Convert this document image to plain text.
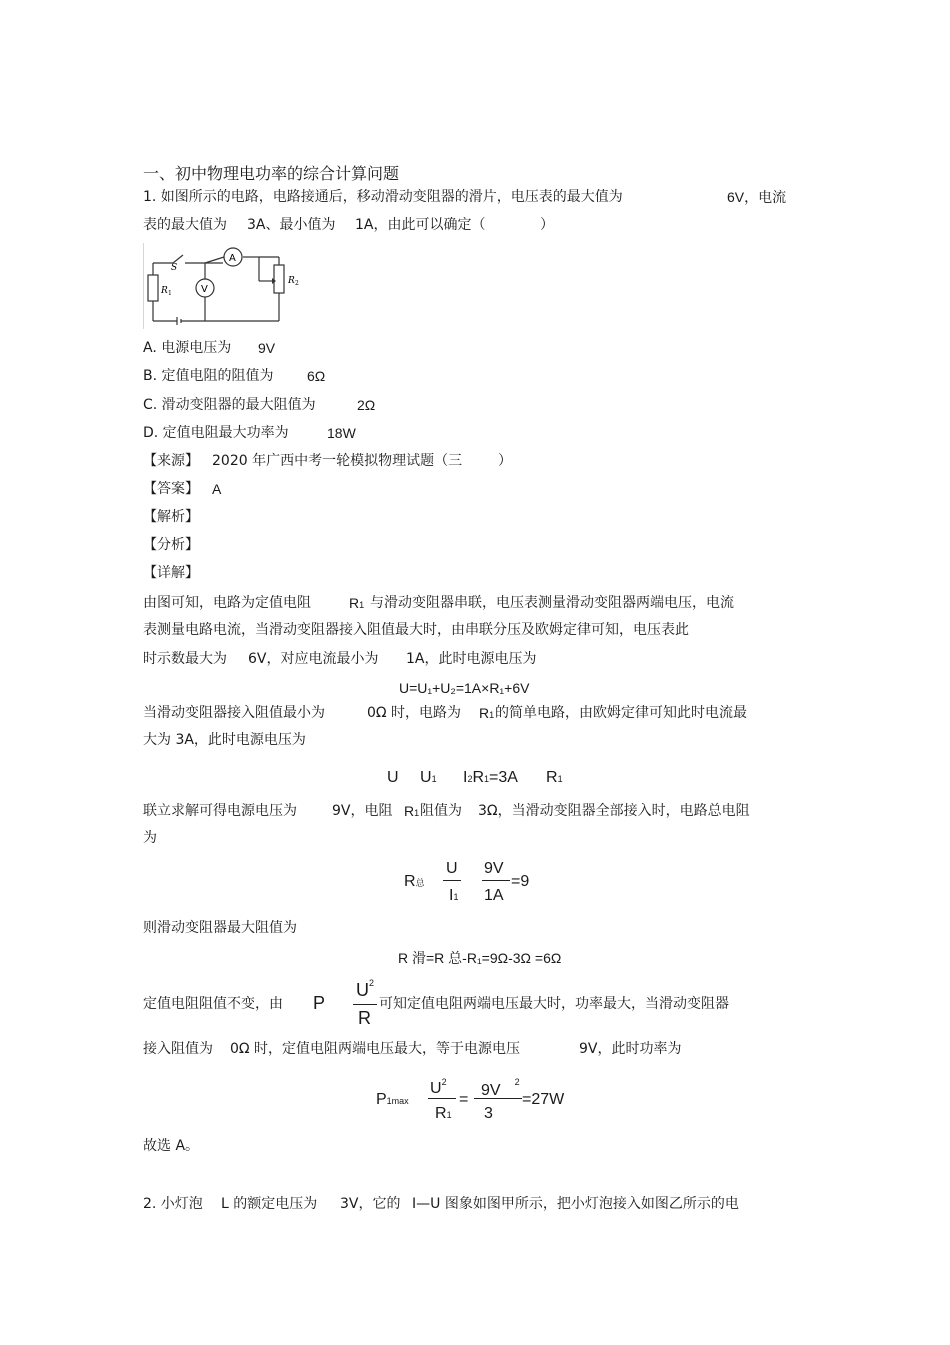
一、初中物理电功率的综合计算问题
1. 如图所示的电路，电路接通后，移动滑动变阻器的滑片，电压表的最大值为	6V，电流
表的最大值为 3A、最小值为 1A，由此可以确定（	）
S
A
V
R 1
R 2
A. 电源电压为 9V
B. 定值电阻的阻值为 6Ω
C. 滑动变阻器的最大阻值为	2Ω
D. 定值电阻最大功率为	18W
【来源】 2020 年广西中考一轮模拟物理试题（三	）
【答案】 A
【解析】
【分析】
【详解】
由图可知，电路为定值电阻	R1 与滑动变阻器串联，电压表测量滑动变阻器两端电压，电流
表测量电路电流，当滑动变阻器接入阻值最大时，由串联分压及欧姆定律可知，电压表此
时示数最大为 6V，对应电流最小为 1A，此时电源电压为
U=U₁+U₂=1A×R₁+6V
当滑动变阻器接入阻值最小为	0Ω 时，电路为 R1 的简单电路，由欧姆定律可知此时电流最
大为 3A，此时电源电压为
U U1 I2R1=3A R1
联立求解可得电源电压为	9V，电阻 R1 阻值为 3Ω，当滑动变阻器全部接入时，电路总电阻
为
R总
U
I1
9V
1A
=9
则滑动变阻器最大阻值为
R 滑=R 总-R₁=9Ω-3Ω =6Ω
定值电阻阻值不变，由 P
$U^2$
R
可知定值电阻两端电压最大时，功率最大，当滑动变阻器
接入阻值为 0Ω 时，定值电阻两端电压最大，等于电源电压	9V，此时功率为
P1max
$U^2$
R1
=
9V $^2$
3
=27W
故选 A。
2. 小灯泡 L 的额定电压为 3V，它的 I—U 图象如图甲所示，把小灯泡接入如图乙所示的电
